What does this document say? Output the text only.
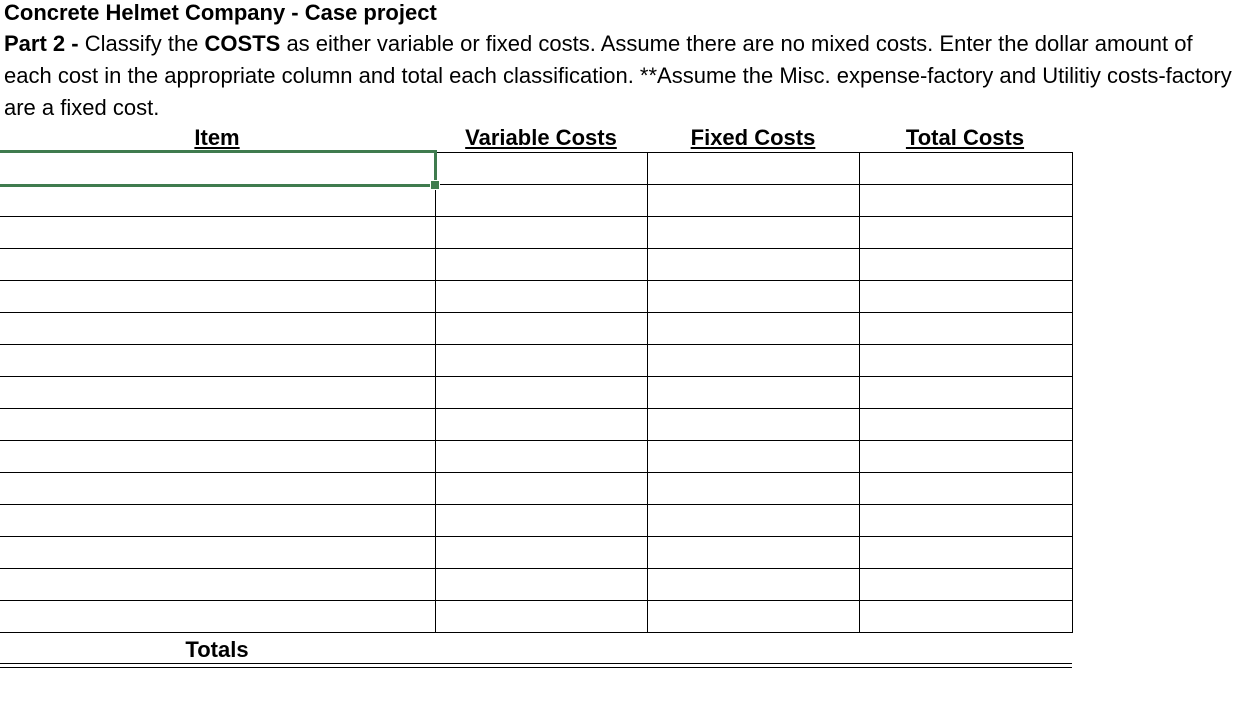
Concrete Helmet Company - Case project
Part 2 - Classify the COSTS as either variable or fixed costs. Assume there are no mixed costs. Enter the dollar amount of each cost in the appropriate column and total each classification. **Assume the Misc. expense-factory and Utilitiy costs-factory are a fixed cost.
Item	Variable Costs	Fixed Costs	Total Costs

Totals
